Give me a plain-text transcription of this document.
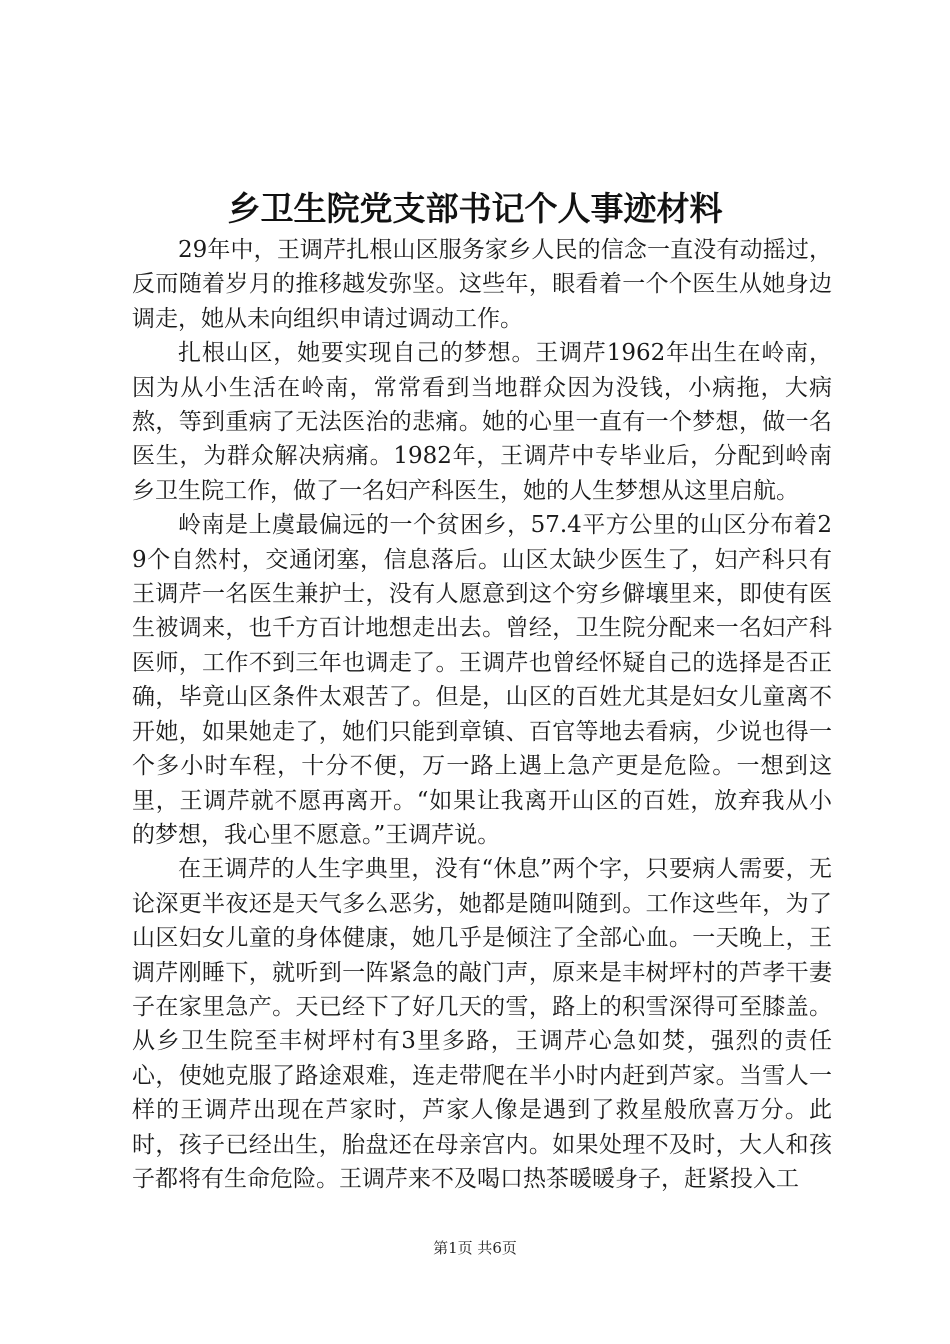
乡卫生院党支部书记个人事迹材料

29年中，王调芹扎根山区服务家乡人民的信念一直没有动摇过，反而随着岁月的推移越发弥坚。这些年，眼看着一个个医生从她身边调走，她从未向组织申请过调动工作。

扎根山区，她要实现自己的梦想。王调芹1962年出生在岭南，因为从小生活在岭南，常常看到当地群众因为没钱，小病拖，大病熬，等到重病了无法医治的悲痛。她的心里一直有一个梦想，做一名医生，为群众解决病痛。1982年，王调芹中专毕业后，分配到岭南乡卫生院工作，做了一名妇产科医生，她的人生梦想从这里启航。

岭南是上虞最偏远的一个贫困乡，57.4平方公里的山区分布着29个自然村，交通闭塞，信息落后。山区太缺少医生了，妇产科只有王调芹一名医生兼护士，没有人愿意到这个穷乡僻壤里来，即使有医生被调来，也千方百计地想走出去。曾经，卫生院分配来一名妇产科医师，工作不到三年也调走了。王调芹也曾经怀疑自己的选择是否正确，毕竟山区条件太艰苦了。但是，山区的百姓尤其是妇女儿童离不开她，如果她走了，她们只能到章镇、百官等地去看病，少说也得一个多小时车程，十分不便，万一路上遇上急产更是危险。一想到这里，王调芹就不愿再离开。“如果让我离开山区的百姓，放弃我从小的梦想，我心里不愿意。”王调芹说。

在王调芹的人生字典里，没有“休息”两个字，只要病人需要，无论深更半夜还是天气多么恶劣，她都是随叫随到。工作这些年，为了山区妇女儿童的身体健康，她几乎是倾注了全部心血。一天晚上，王调芹刚睡下，就听到一阵紧急的敲门声，原来是丰树坪村的芦孝干妻子在家里急产。天已经下了好几天的雪，路上的积雪深得可至膝盖。从乡卫生院至丰树坪村有3里多路，王调芹心急如焚，强烈的责任心，使她克服了路途艰难，连走带爬在半小时内赶到芦家。当雪人一样的王调芹出现在芦家时，芦家人像是遇到了救星般欣喜万分。此时，孩子已经出生，胎盘还在母亲宫内。如果处理不及时，大人和孩子都将有生命危险。王调芹来不及喝口热茶暖暖身子，赶紧投入工

第1页 共6页
